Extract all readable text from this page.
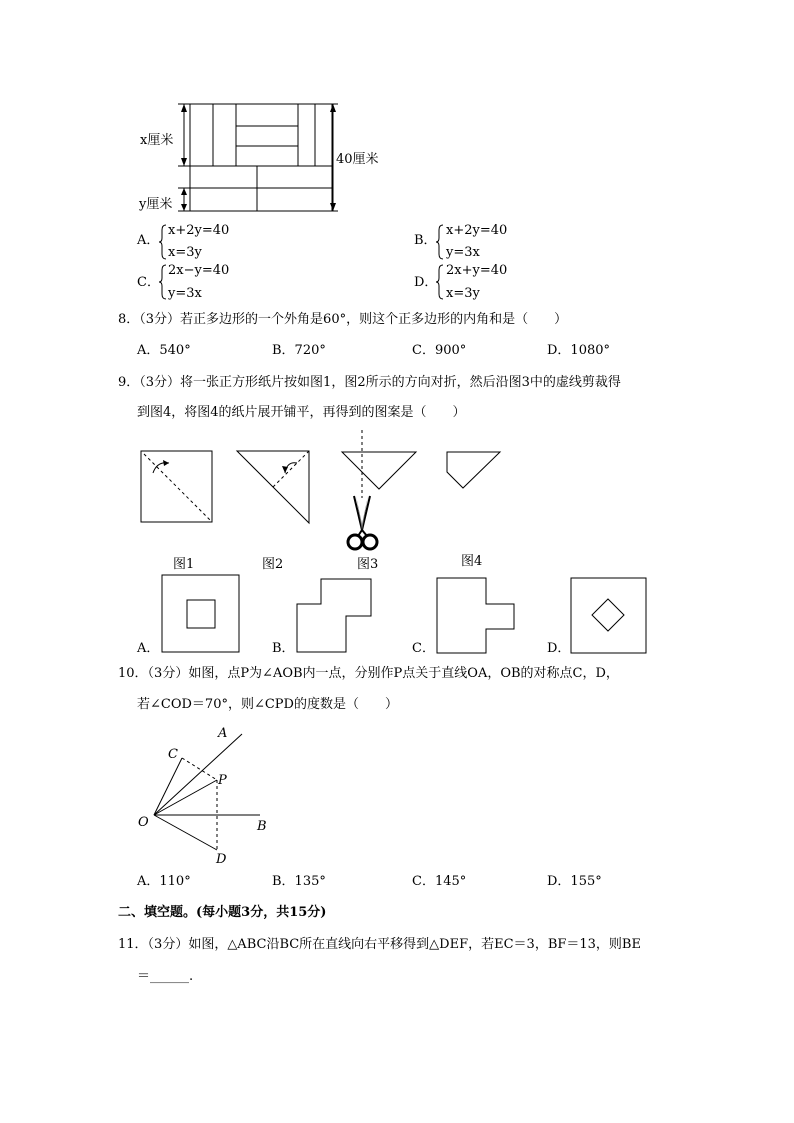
x厘米
y厘米
40厘米
A．
x+2y=40
x=3y
B．
x+2y=40
y=3x
C．
2x−y=40
y=3x
D．
2x+y=40
x=3y
8．（3分）若正多边形的一个外角是60°，则这个正多边形的内角和是（　　）
A．540°	B．720°	C．900°	D．1080°
9．（3分）将一张正方形纸片按如图1，图2所示的方向对折，然后沿图3中的虚线剪裁得
到图4，将图4的纸片展开铺平，再得到的图案是（　　）
图1	图2	图3	图4
A．	B．	C．	D．
10．（3分）如图，点P为∠AOB内一点，分别作P点关于直线OA，OB的对称点C，D，
若∠COD＝70°，则∠CPD的度数是（　　）
A
B
C
D
O
P
A．110°	B．135°	C．145°	D．155°
二、填空题。(每小题3分，共15分)
11．（3分）如图，△ABC沿BC所在直线向右平移得到△DEF，若EC＝3，BF＝13，则BE
＝______.
